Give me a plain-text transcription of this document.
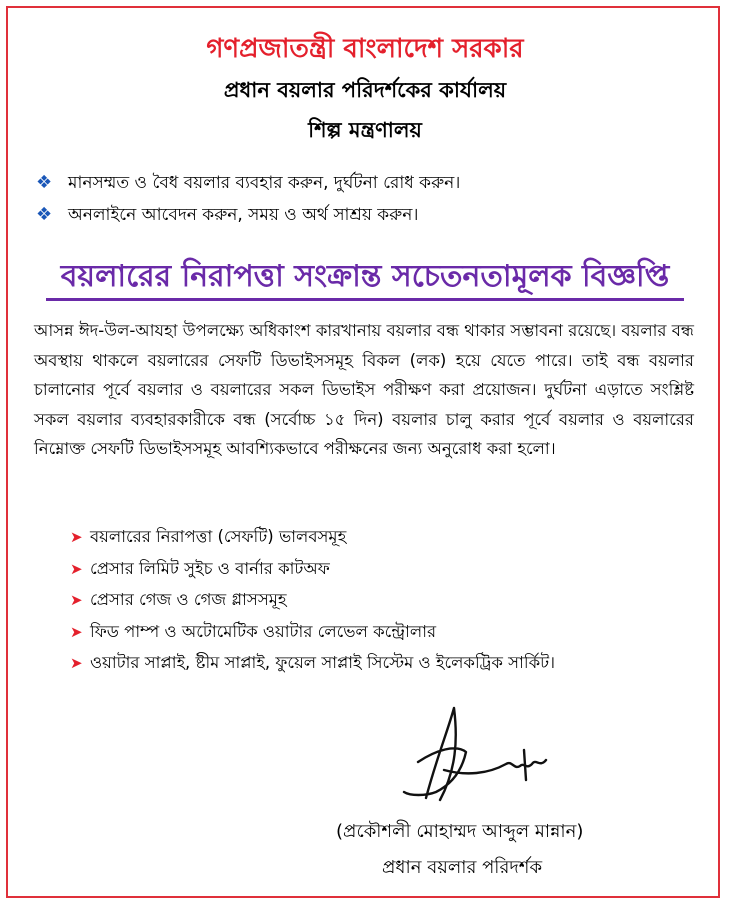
গণপ্রজাতন্ত্রী বাংলাদেশ সরকার
প্রধান বয়লার পরিদর্শকের কার্যালয়
শিল্প মন্ত্রণালয়
❖ মানসম্মত ও বৈধ বয়লার ব্যবহার করুন, দুর্ঘটনা রোধ করুন।
❖ অনলাইনে আবেদন করুন, সময় ও অর্থ সাশ্রয় করুন।
বয়লারের নিরাপত্তা সংক্রান্ত সচেতনতামূলক বিজ্ঞপ্তি
আসন্ন ঈদ-উল-আযহা উপলক্ষ্যে অধিকাংশ কারখানায় বয়লার বন্ধ থাকার সম্ভাবনা রয়েছে। বয়লার বন্ধ অবস্থায় থাকলে বয়লারের সেফটি ডিভাইসসমূহ বিকল (লক) হয়ে যেতে পারে। তাই বন্ধ বয়লার চালানোর পূর্বে বয়লার ও বয়লারের সকল ডিভাইস পরীক্ষণ করা প্রয়োজন। দুর্ঘটনা এড়াতে সংশ্লিষ্ট সকল বয়লার ব্যবহারকারীকে বন্ধ (সর্বোচ্চ ১৫ দিন) বয়লার চালু করার পূর্বে বয়লার ও বয়লারের নিম্নোক্ত সেফটি ডিভাইসসমূহ আবশ্যিকভাবে পরীক্ষনের জন্য অনুরোধ করা হলো।
➤ বয়লারের নিরাপত্তা (সেফটি) ভালবসমূহ
➤ প্রেসার লিমিট সুইচ ও বার্নার কাটঅফ
➤ প্রেসার গেজ ও গেজ গ্লাসসমূহ
➤ ফিড পাম্প ও অটোমেটিক ওয়াটার লেভেল কন্ট্রোলার
➤ ওয়াটার সাপ্লাই, ষ্টীম সাপ্লাই, ফুয়েল সাপ্লাই সিস্টেম ও ইলেকট্রিক সার্কিট।
(প্রকৌশলী মোহাম্মদ আব্দুল মান্নান)
প্রধান বয়লার পরিদর্শক
